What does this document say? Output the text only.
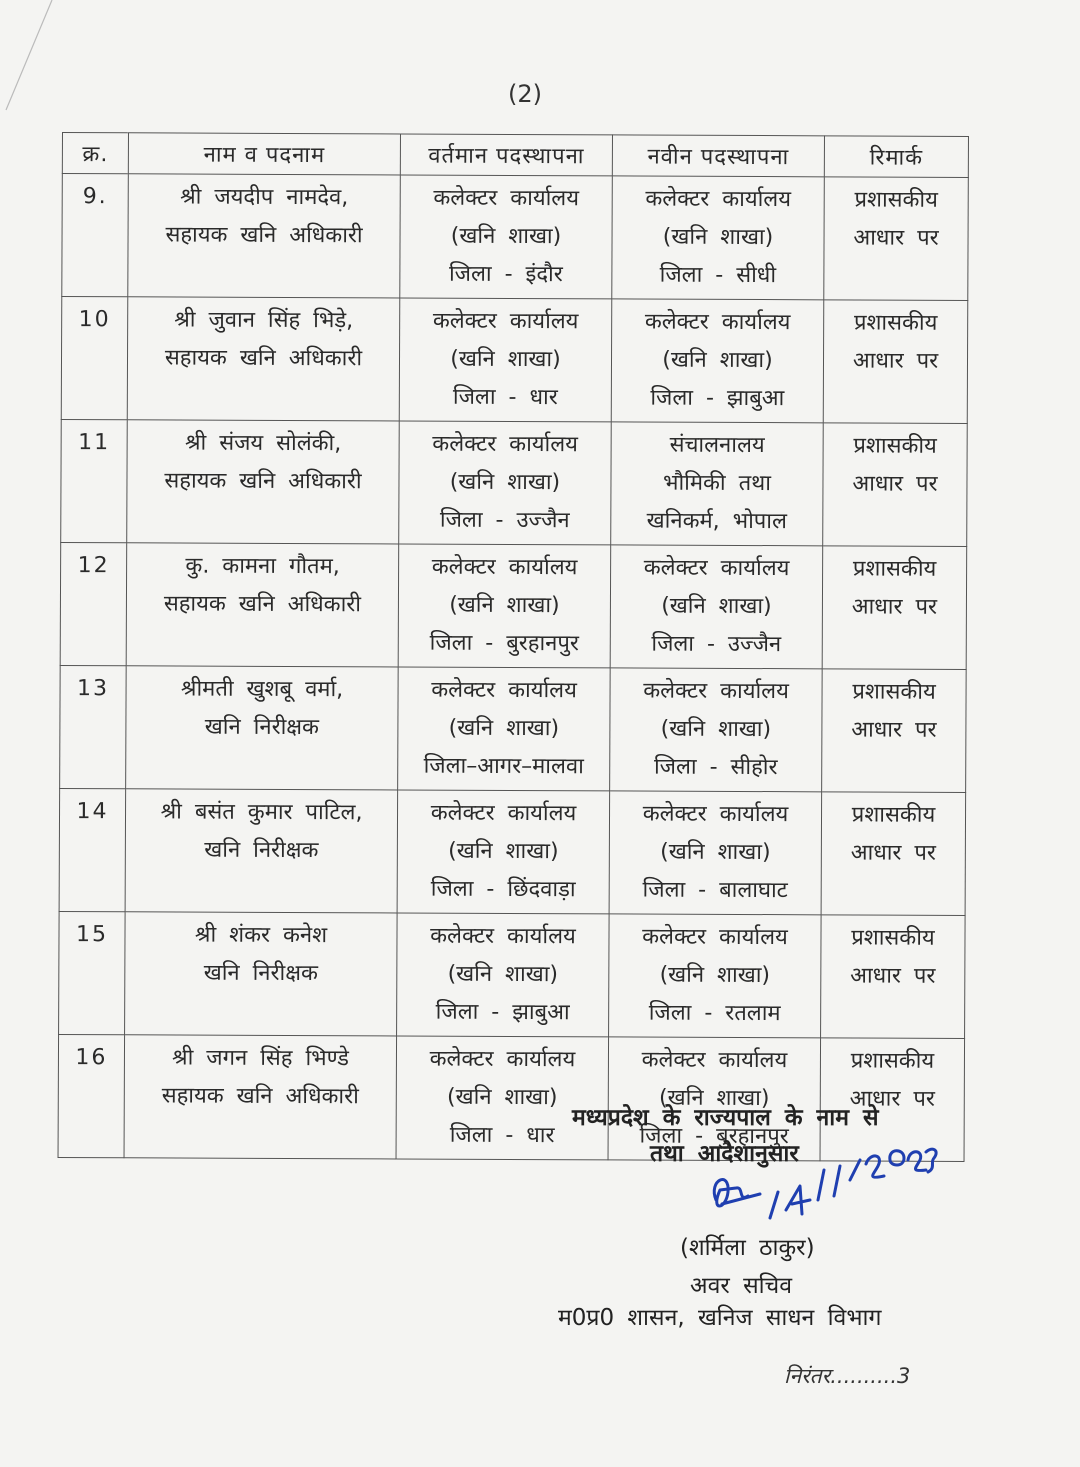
(2)
क्र.	नाम व पदनाम	वर्तमान पदस्थापना	नवीन पदस्थापना	रिमार्क
9.	श्री जयदीप नामदेव,
सहायक खनि अधिकारी	कलेक्टर कार्यालय
(खनि शाखा)
जिला - इंदौर	कलेक्टर कार्यालय
(खनि शाखा)
जिला - सीधी	प्रशासकीय
आधार पर

10	श्री जुवान सिंह भिड़े,
सहायक खनि अधिकारी	कलेक्टर कार्यालय
(खनि शाखा)
जिला - धार	कलेक्टर कार्यालय
(खनि शाखा)
जिला - झाबुआ	प्रशासकीय
आधार पर

11	श्री संजय सोलंकी,
सहायक खनि अधिकारी	कलेक्टर कार्यालय
(खनि शाखा)
जिला - उज्जैन	संचालनालय
भौमिकी तथा
खनिकर्म, भोपाल	प्रशासकीय
आधार पर

12	कु. कामना गौतम,
सहायक खनि अधिकारी	कलेक्टर कार्यालय
(खनि शाखा)
जिला - बुरहानपुर	कलेक्टर कार्यालय
(खनि शाखा)
जिला - उज्जैन	प्रशासकीय
आधार पर

13	श्रीमती खुशबू वर्मा,
खनि निरीक्षक	कलेक्टर कार्यालय
(खनि शाखा)
जिला–आगर–मालवा	कलेक्टर कार्यालय
(खनि शाखा)
जिला - सीहोर	प्रशासकीय
आधार पर

14	श्री बसंत कुमार पाटिल,
खनि निरीक्षक	कलेक्टर कार्यालय
(खनि शाखा)
जिला - छिंदवाड़ा	कलेक्टर कार्यालय
(खनि शाखा)
जिला - बालाघाट	प्रशासकीय
आधार पर

15	श्री शंकर कनेश
खनि निरीक्षक	कलेक्टर कार्यालय
(खनि शाखा)
जिला - झाबुआ	कलेक्टर कार्यालय
(खनि शाखा)
जिला - रतलाम	प्रशासकीय
आधार पर

16	श्री जगन सिंह भिण्डे
सहायक खनि अधिकारी	कलेक्टर कार्यालय
(खनि शाखा)
जिला - धार	कलेक्टर कार्यालय
(खनि शाखा)
जिला - बुरहानपुर	प्रशासकीय
आधार पर
मध्यप्रदेश के राज्यपाल के नाम से
तथा आदेशानुसार
(शर्मिला ठाकुर)
अवर सचिव
म0प्र0 शासन, खनिज साधन विभाग
निरंतर..........3
